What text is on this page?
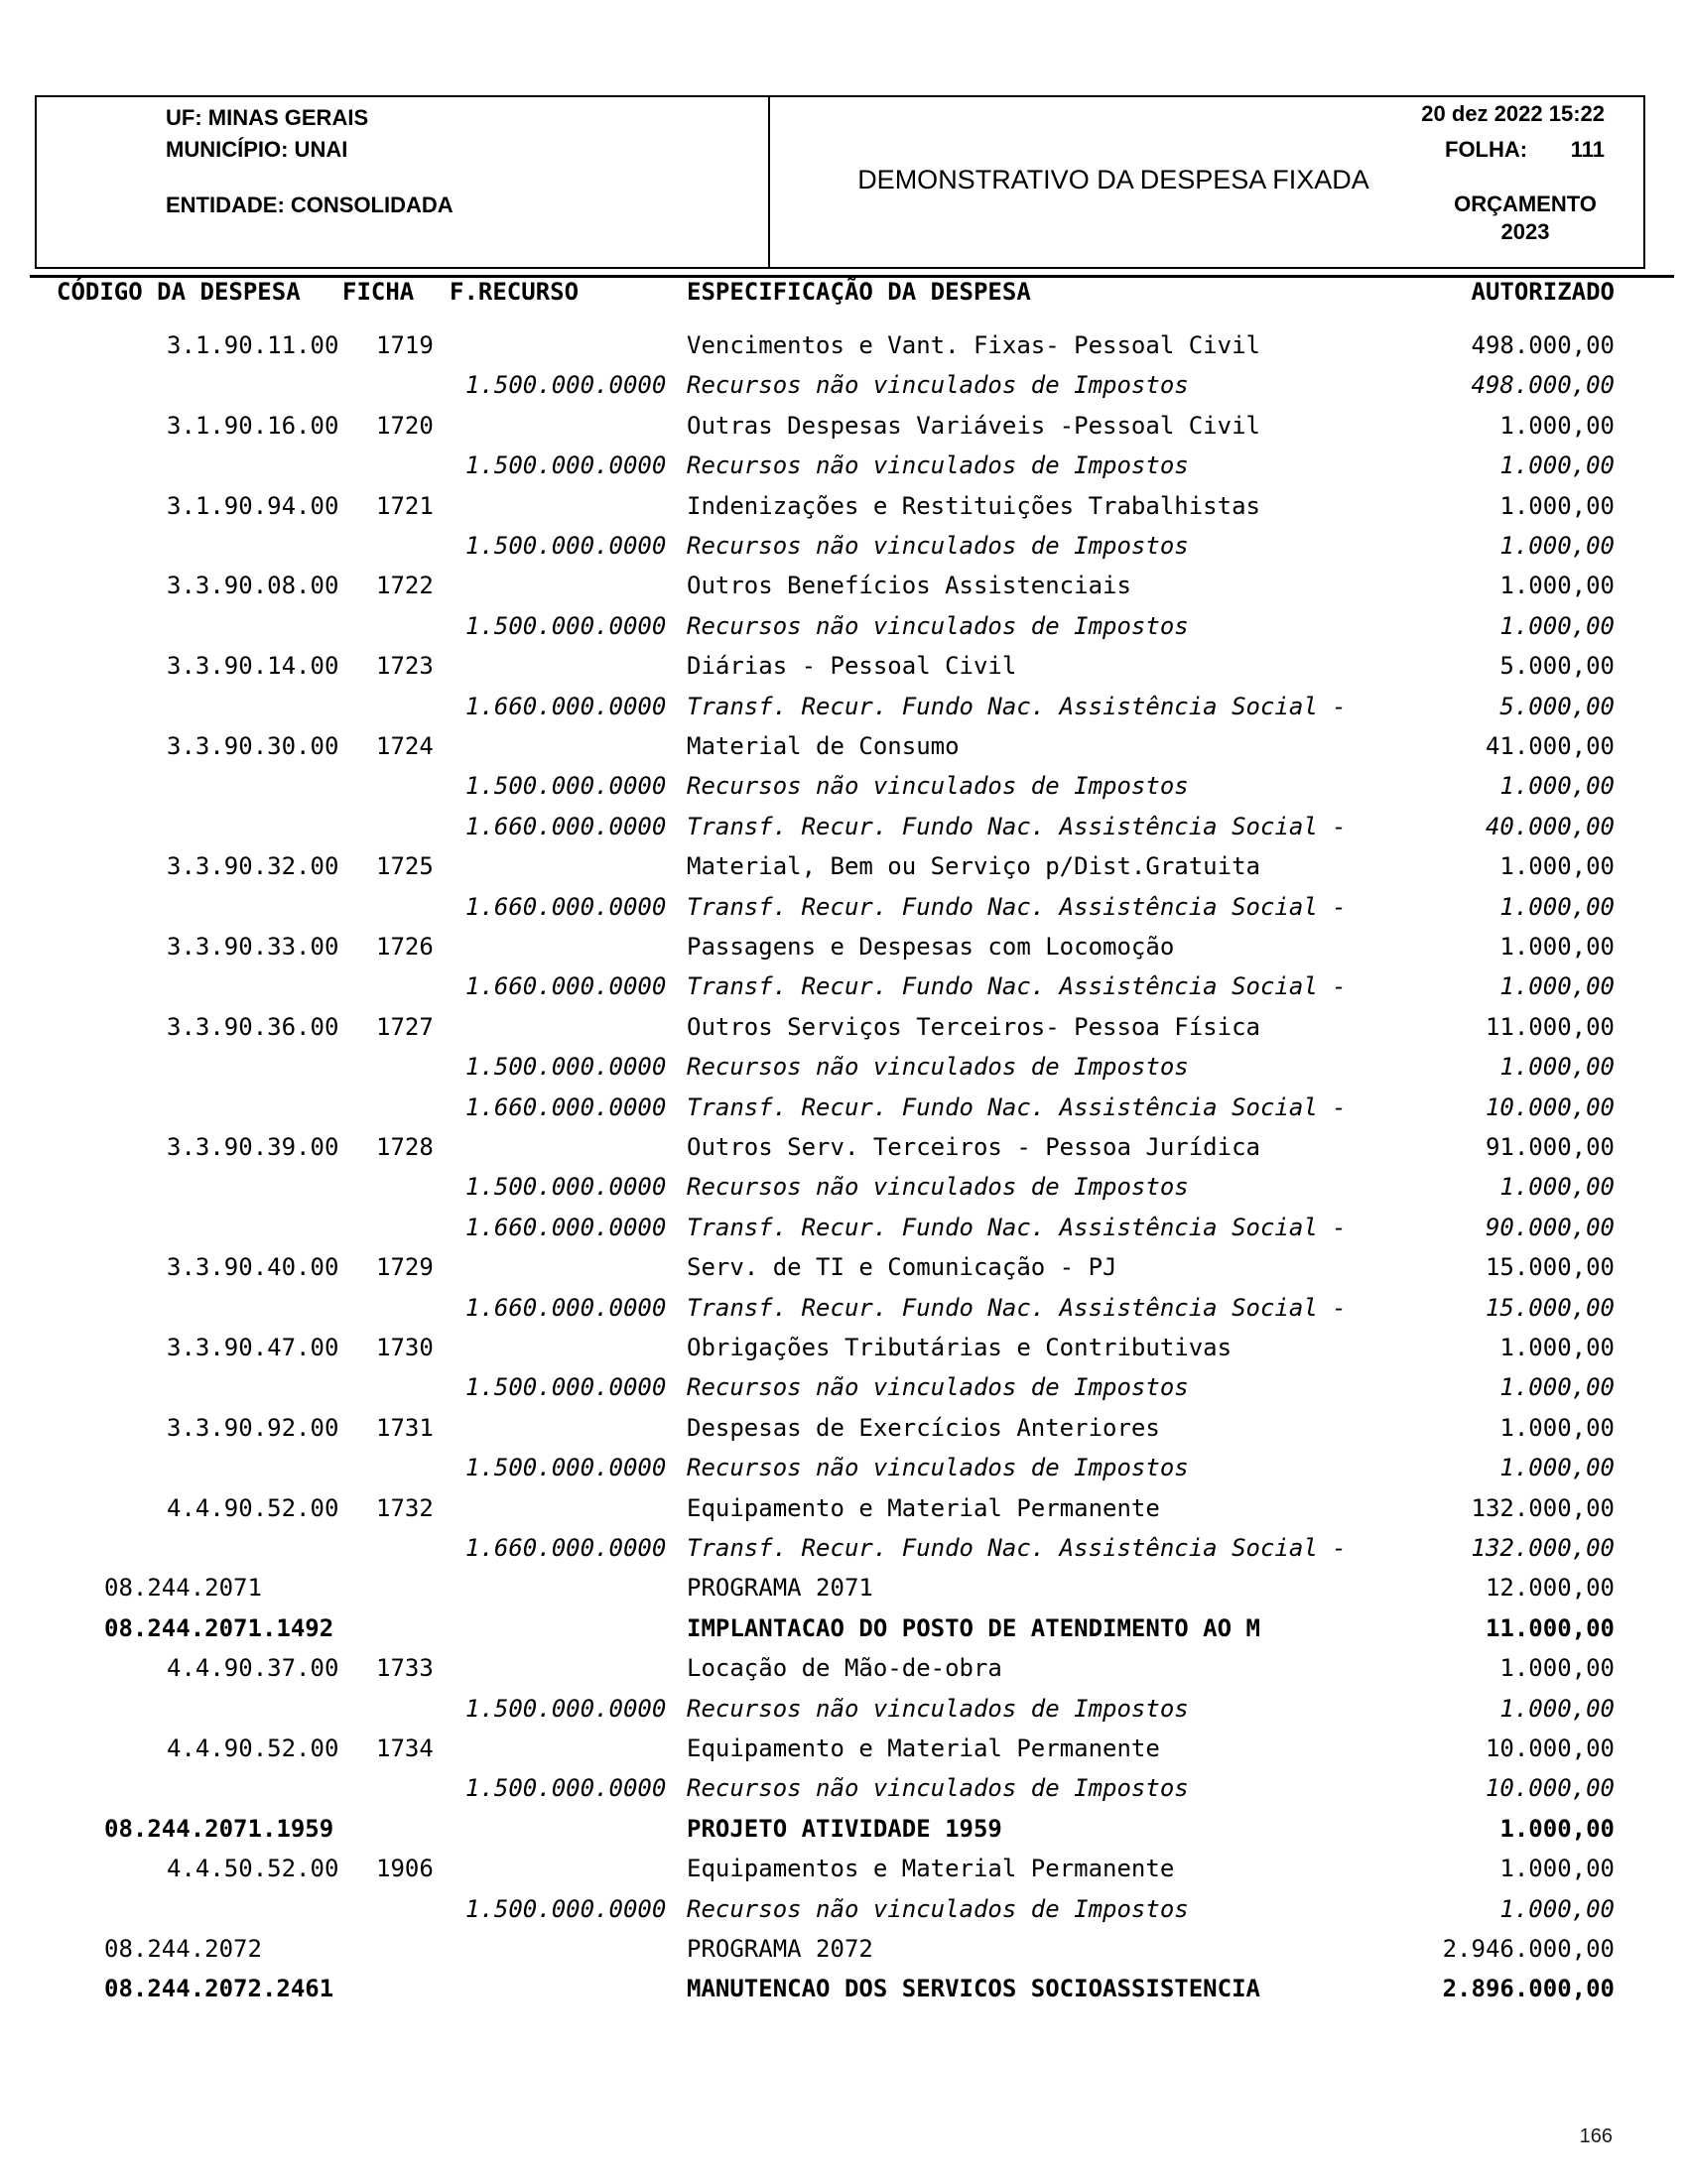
UF: MINAS GERAIS
MUNICÍPIO: UNAI
ENTIDADE: CONSOLIDADA
DEMONSTRATIVO DA DESPESA FIXADA
20 dez 2022 15:22
FOLHA: 111
ORÇAMENTO
2023
CÓDIGO DA DESPESA FICHA F.RECURSO	ESPECIFICAÇÃO DA DESPESA	AUTORIZADO
3.1.90.11.00 1719	Vencimentos e Vant. Fixas- Pessoal Civil	498.000,00
1.500.000.0000 Recursos não vinculados de Impostos	498.000,00
3.1.90.16.00 1720	Outras Despesas Variáveis -Pessoal Civil	1.000,00
1.500.000.0000 Recursos não vinculados de Impostos	1.000,00
3.1.90.94.00 1721	Indenizações e Restituições Trabalhistas	1.000,00
1.500.000.0000 Recursos não vinculados de Impostos	1.000,00
3.3.90.08.00 1722	Outros Benefícios Assistenciais	1.000,00
1.500.000.0000 Recursos não vinculados de Impostos	1.000,00
3.3.90.14.00 1723	Diárias - Pessoal Civil	5.000,00
1.660.000.0000 Transf. Recur. Fundo Nac. Assistência Social -	5.000,00
3.3.90.30.00 1724	Material de Consumo	41.000,00
1.500.000.0000 Recursos não vinculados de Impostos	1.000,00
1.660.000.0000 Transf. Recur. Fundo Nac. Assistência Social -	40.000,00
3.3.90.32.00 1725	Material, Bem ou Serviço p/Dist.Gratuita	1.000,00
1.660.000.0000 Transf. Recur. Fundo Nac. Assistência Social -	1.000,00
3.3.90.33.00 1726	Passagens e Despesas com Locomoção	1.000,00
1.660.000.0000 Transf. Recur. Fundo Nac. Assistência Social -	1.000,00
3.3.90.36.00 1727	Outros Serviços Terceiros- Pessoa Física	11.000,00
1.500.000.0000 Recursos não vinculados de Impostos	1.000,00
1.660.000.0000 Transf. Recur. Fundo Nac. Assistência Social -	10.000,00
3.3.90.39.00 1728	Outros Serv. Terceiros - Pessoa Jurídica	91.000,00
1.500.000.0000 Recursos não vinculados de Impostos	1.000,00
1.660.000.0000 Transf. Recur. Fundo Nac. Assistência Social -	90.000,00
3.3.90.40.00 1729	Serv. de TI e Comunicação - PJ	15.000,00
1.660.000.0000 Transf. Recur. Fundo Nac. Assistência Social -	15.000,00
3.3.90.47.00 1730	Obrigações Tributárias e Contributivas	1.000,00
1.500.000.0000 Recursos não vinculados de Impostos	1.000,00
3.3.90.92.00 1731	Despesas de Exercícios Anteriores	1.000,00
1.500.000.0000 Recursos não vinculados de Impostos	1.000,00
4.4.90.52.00 1732	Equipamento e Material Permanente	132.000,00
1.660.000.0000 Transf. Recur. Fundo Nac. Assistência Social -	132.000,00
08.244.2071	PROGRAMA 2071	12.000,00
08.244.2071.1492	IMPLANTACAO DO POSTO DE ATENDIMENTO AO M	11.000,00
4.4.90.37.00 1733	Locação de Mão-de-obra	1.000,00
1.500.000.0000 Recursos não vinculados de Impostos	1.000,00
4.4.90.52.00 1734	Equipamento e Material Permanente	10.000,00
1.500.000.0000 Recursos não vinculados de Impostos	10.000,00
08.244.2071.1959	PROJETO ATIVIDADE 1959	1.000,00
4.4.50.52.00 1906	Equipamentos e Material Permanente	1.000,00
1.500.000.0000 Recursos não vinculados de Impostos	1.000,00
08.244.2072	PROGRAMA 2072	2.946.000,00
08.244.2072.2461	MANUTENCAO DOS SERVICOS SOCIOASSISTENCIA	2.896.000,00
166
